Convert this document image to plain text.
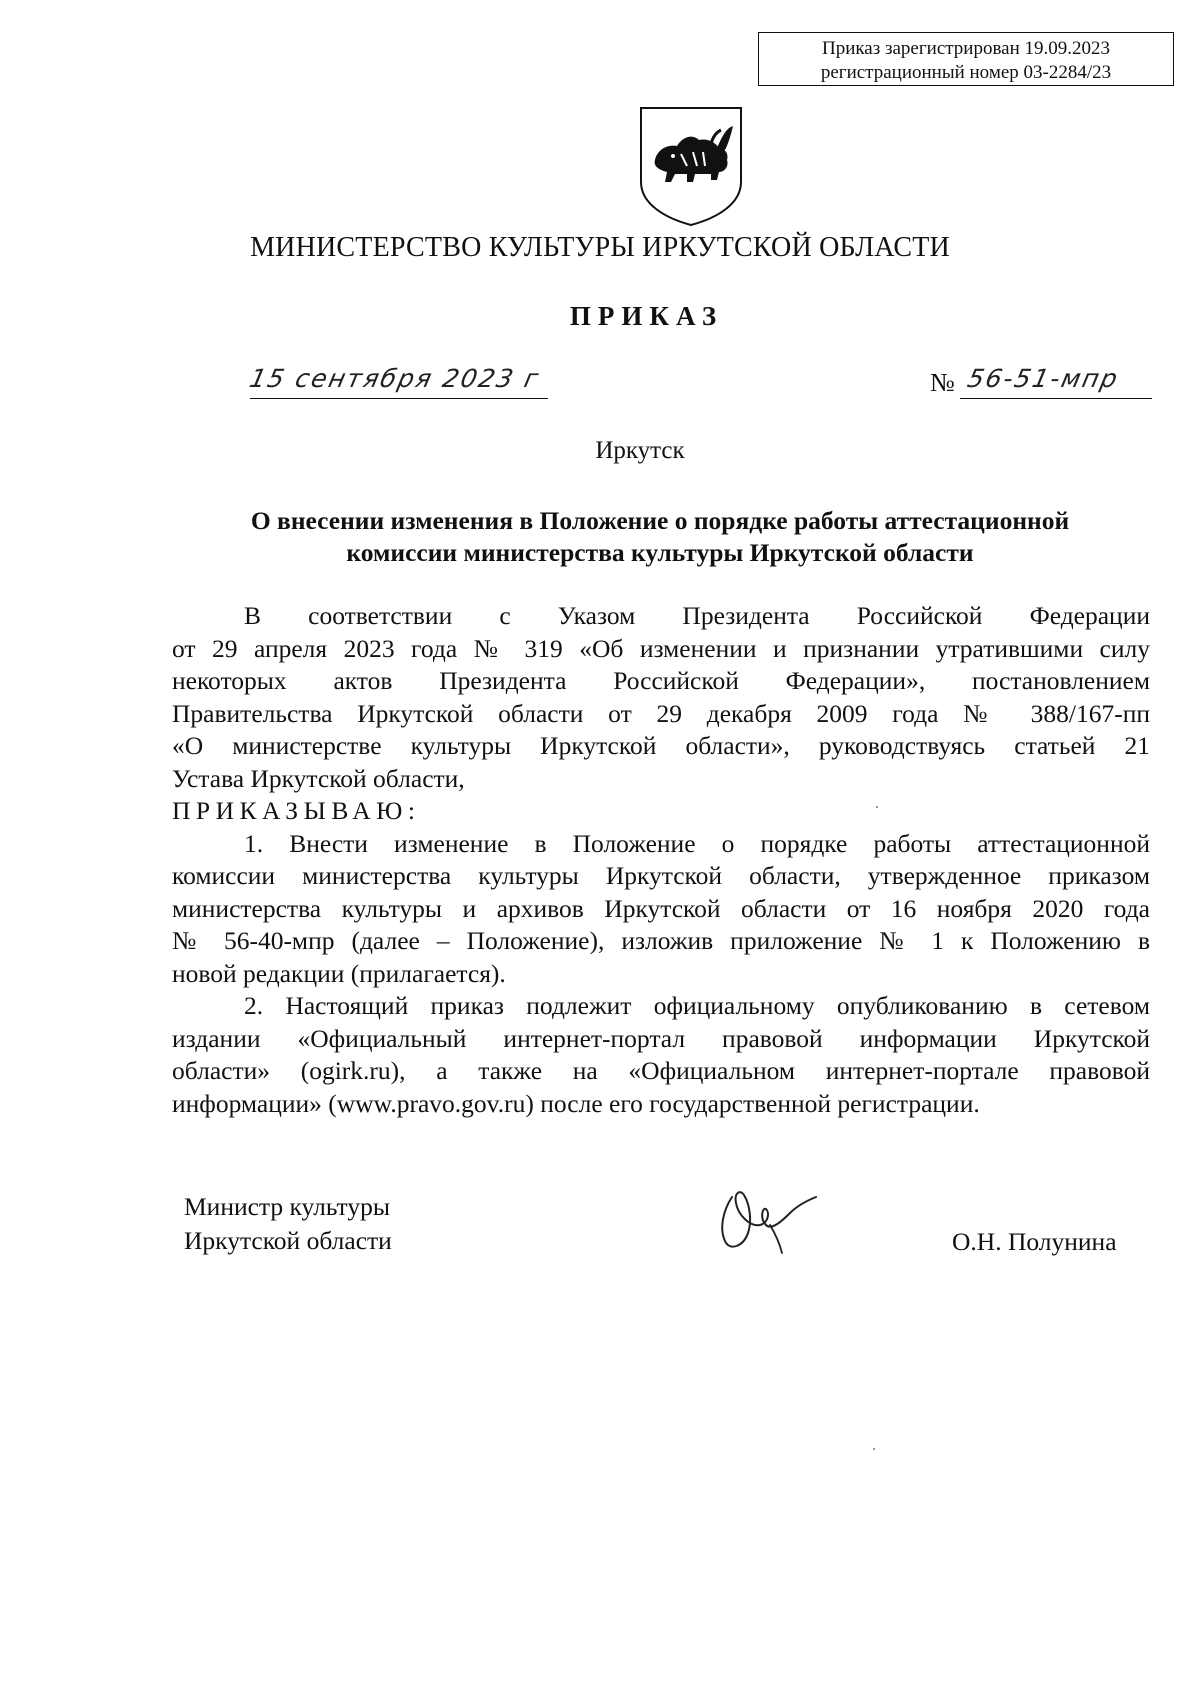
Приказ зарегистрирован 19.09.2023
регистрационный номер 03-2284/23
МИНИСТЕРСТВО КУЛЬТУРЫ ИРКУТСКОЙ ОБЛАСТИ
ПРИКАЗ
15 сентября 2023 г	№ 56-51-мпр
Иркутск
О внесении изменения в Положение о порядке работы аттестационной
комиссии министерства культуры Иркутской области
В соответствии с Указом Президента Российской Федерации
от 29 апреля 2023 года № 319 «Об изменении и признании утратившими силу
некоторых актов Президента Российской Федерации», постановлением
Правительства Иркутской области от 29 декабря 2009 года № 388/167-пп
«О министерстве культуры Иркутской области», руководствуясь статьей 21
Устава Иркутской области,
ПРИКАЗЫВАЮ:
1. Внести изменение в Положение о порядке работы аттестационной
комиссии министерства культуры Иркутской области, утвержденное приказом
министерства культуры и архивов Иркутской области от 16 ноября 2020 года
№ 56-40-мпр (далее – Положение), изложив приложение № 1 к Положению в
новой редакции (прилагается).
2. Настоящий приказ подлежит официальному опубликованию в сетевом
издании «Официальный интернет-портал правовой информации Иркутской
области» (ogirk.ru), а также на «Официальном интернет-портале правовой
информации» (www.pravo.gov.ru) после его государственной регистрации.
Министр культуры
Иркутской области	О.Н. Полунина
